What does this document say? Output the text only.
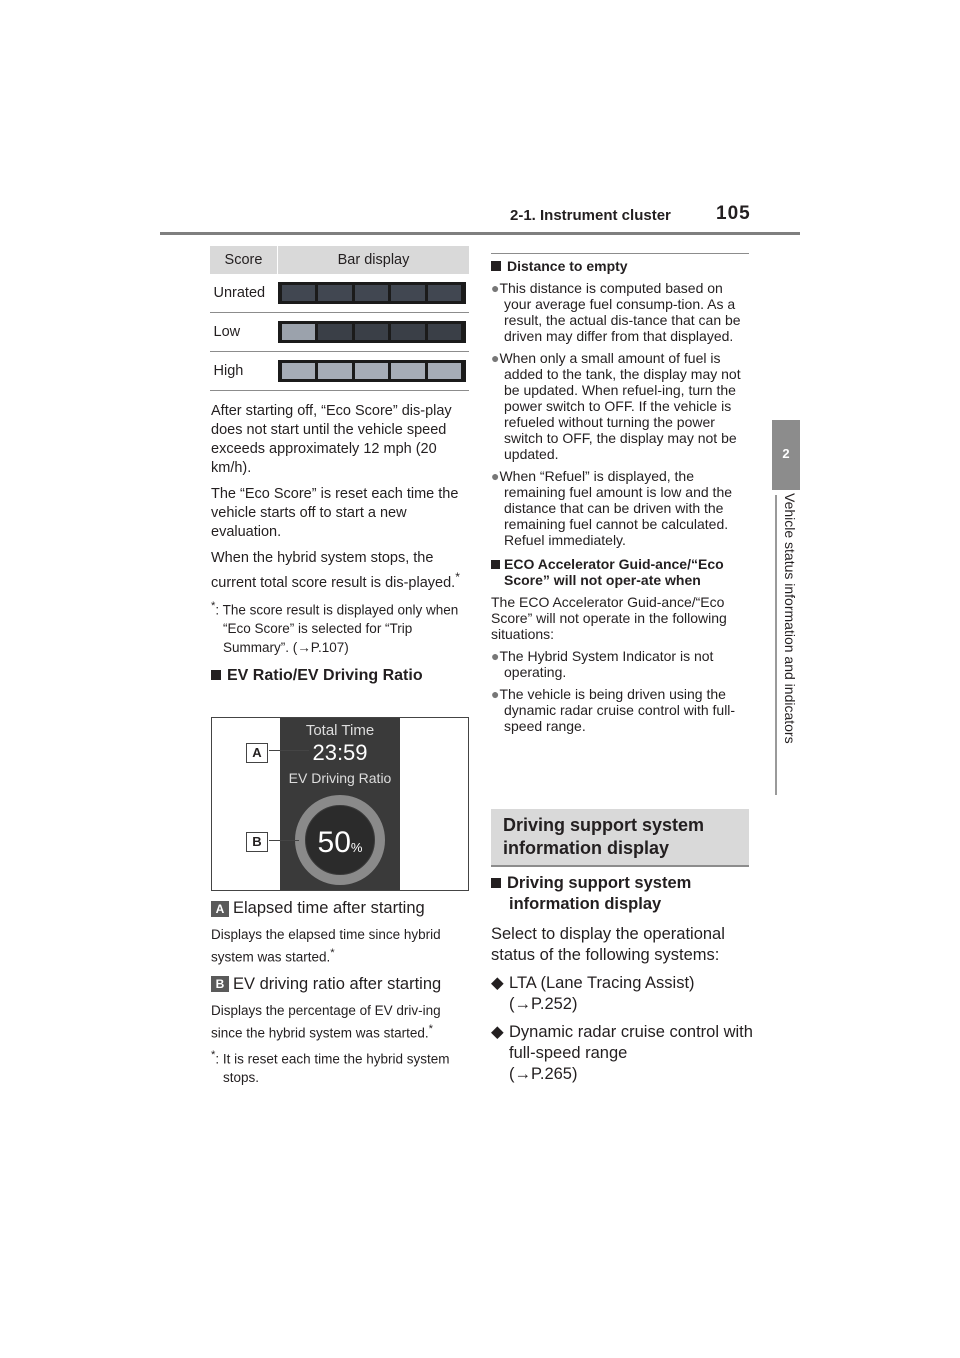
2-1. Instrument cluster 105
2
Vehicle status information and indicators
Score	Bar display
Unrated	

Low	

High	

After starting off, “Eco Score” dis-play does not start until the vehicle speed exceeds approximately 12 mph (20 km/h).

The “Eco Score” is reset each time the vehicle starts off to start a new evaluation.

When the hybrid system stops, the current total score result is dis-played.*

*: The score result is displayed only when “Eco Score” is selected for “Trip Summary”. (→P.107)

EV Ratio/EV Driving Ratio

Total Time
23:59
EV Driving Ratio
50%
A
B

A Elapsed time after starting

Displays the elapsed time since hybrid system was started.*

B EV driving ratio after starting

Displays the percentage of EV driv-ing since the hybrid system was started.*

*: It is reset each time the hybrid system stops.

Distance to empty

●This distance is computed based on your average fuel consump-tion. As a result, the actual dis-tance that can be driven may differ from that displayed.

●When only a small amount of fuel is added to the tank, the display may not be updated. When refuel-ing, turn the power switch to OFF. If the vehicle is refueled without turning the power switch to OFF, the display may not be updated.

●When “Refuel” is displayed, the remaining fuel amount is low and the distance that can be driven with the remaining fuel cannot be calculated.
Refuel immediately.

ECO Accelerator Guid-ance/“Eco Score” will not oper-ate when

The ECO Accelerator Guid-ance/“Eco Score” will not operate in the following situations:

●The Hybrid System Indicator is not operating.

●The vehicle is being driven using the dynamic radar cruise control with full-speed range.

Driving support system information display

Driving support system information display

Select to display the operational status of the following systems:

◆ LTA (Lane Tracing Assist)
(→P.252)

◆ Dynamic radar cruise control with full-speed range
(→P.265)
